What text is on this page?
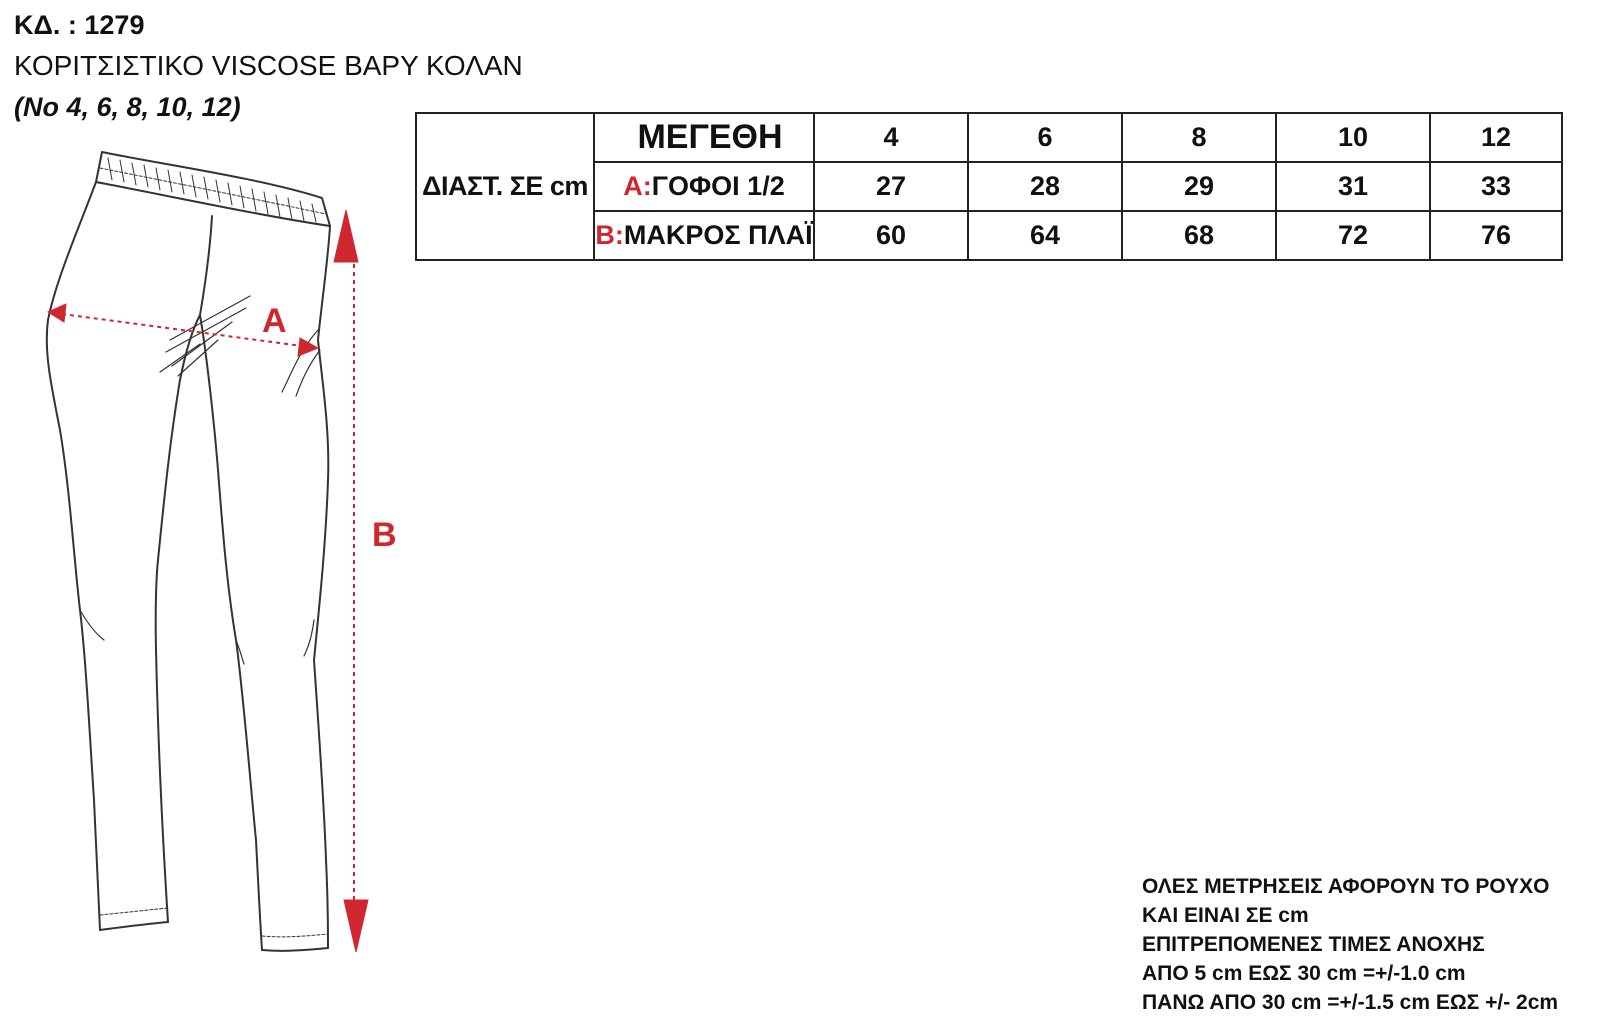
ΚΔ. : 1279
ΚΟΡΙΤΣΙΣΤΙΚΟ VISCOSE ΒΑΡΥ ΚΟΛΑΝ
(No 4, 6, 8, 10, 12)
A
B
ΔΙΑΣΤ. ΣΕ cm	ΜΕΓΕΘΗ	4	6	8	10	12
	A:ΓΟΦΟΙ 1/2	27	28	29	31	33
	B:ΜΑΚΡΟΣ ΠΛΑΪ	60	64	68	72	76
ΟΛΕΣ ΜΕΤΡΗΣΕΙΣ ΑΦΟΡΟΥΝ ΤΟ ΡΟΥΧΟ
ΚΑΙ ΕΙΝΑΙ ΣΕ cm
ΕΠΙΤΡΕΠΟΜΕΝΕΣ ΤΙΜΕΣ ΑΝΟΧΗΣ
ΑΠΟ 5 cm ΕΩΣ 30 cm =+/-1.0 cm
ΠΑΝΩ ΑΠΟ 30 cm =+/-1.5 cm ΕΩΣ +/- 2cm
